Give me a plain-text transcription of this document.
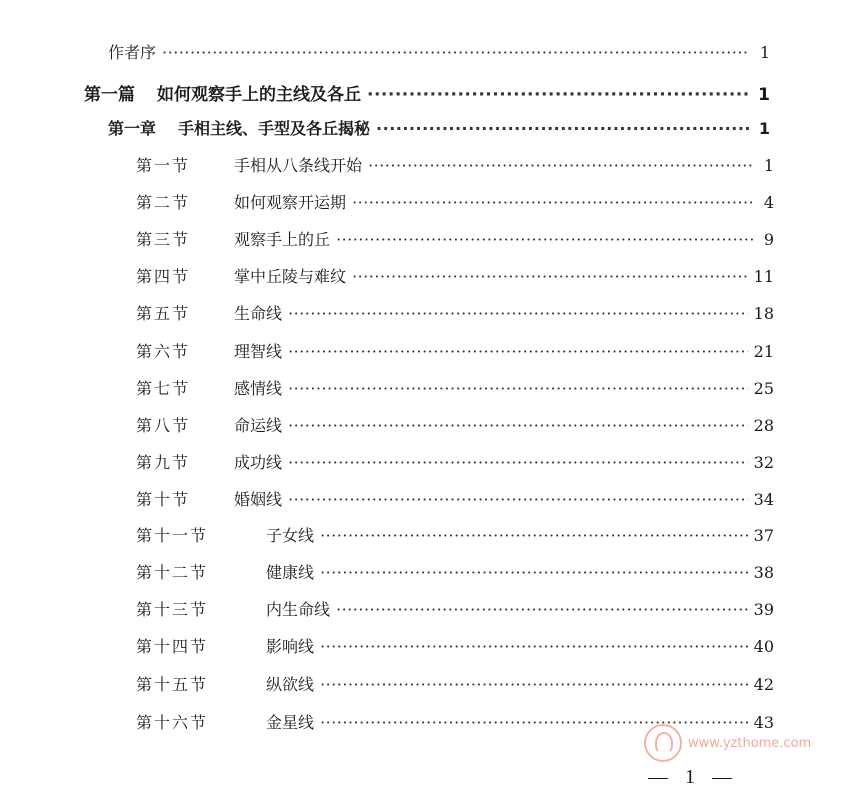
作者序 ·····	1
第一篇 如何观察手上的主线及各丘 ·····	1
第一章 手相主线、手型及各丘揭秘 ·····	1
第一节	手相从八条线开始 ·····	1
第二节	如何观察开运期 ·····	4
第三节	观察手上的丘 ·····	9
第四节	掌中丘陵与难纹 ·····	11
第五节	生命线 ·····	18
第六节	理智线 ·····	21
第七节	感情线 ·····	25
第八节	命运线 ·····	28
第九节	成功线 ·····	32
第十节	婚姻线 ·····	34
第十一节	子女线 ·····	37
第十二节	健康线 ·····	38
第十三节	内生命线 ·····	39
第十四节	影响线 ·····	40
第十五节	纵欲线 ·····	42
第十六节	金星线 ·····	43
www.yzthome.com
— 1 —
